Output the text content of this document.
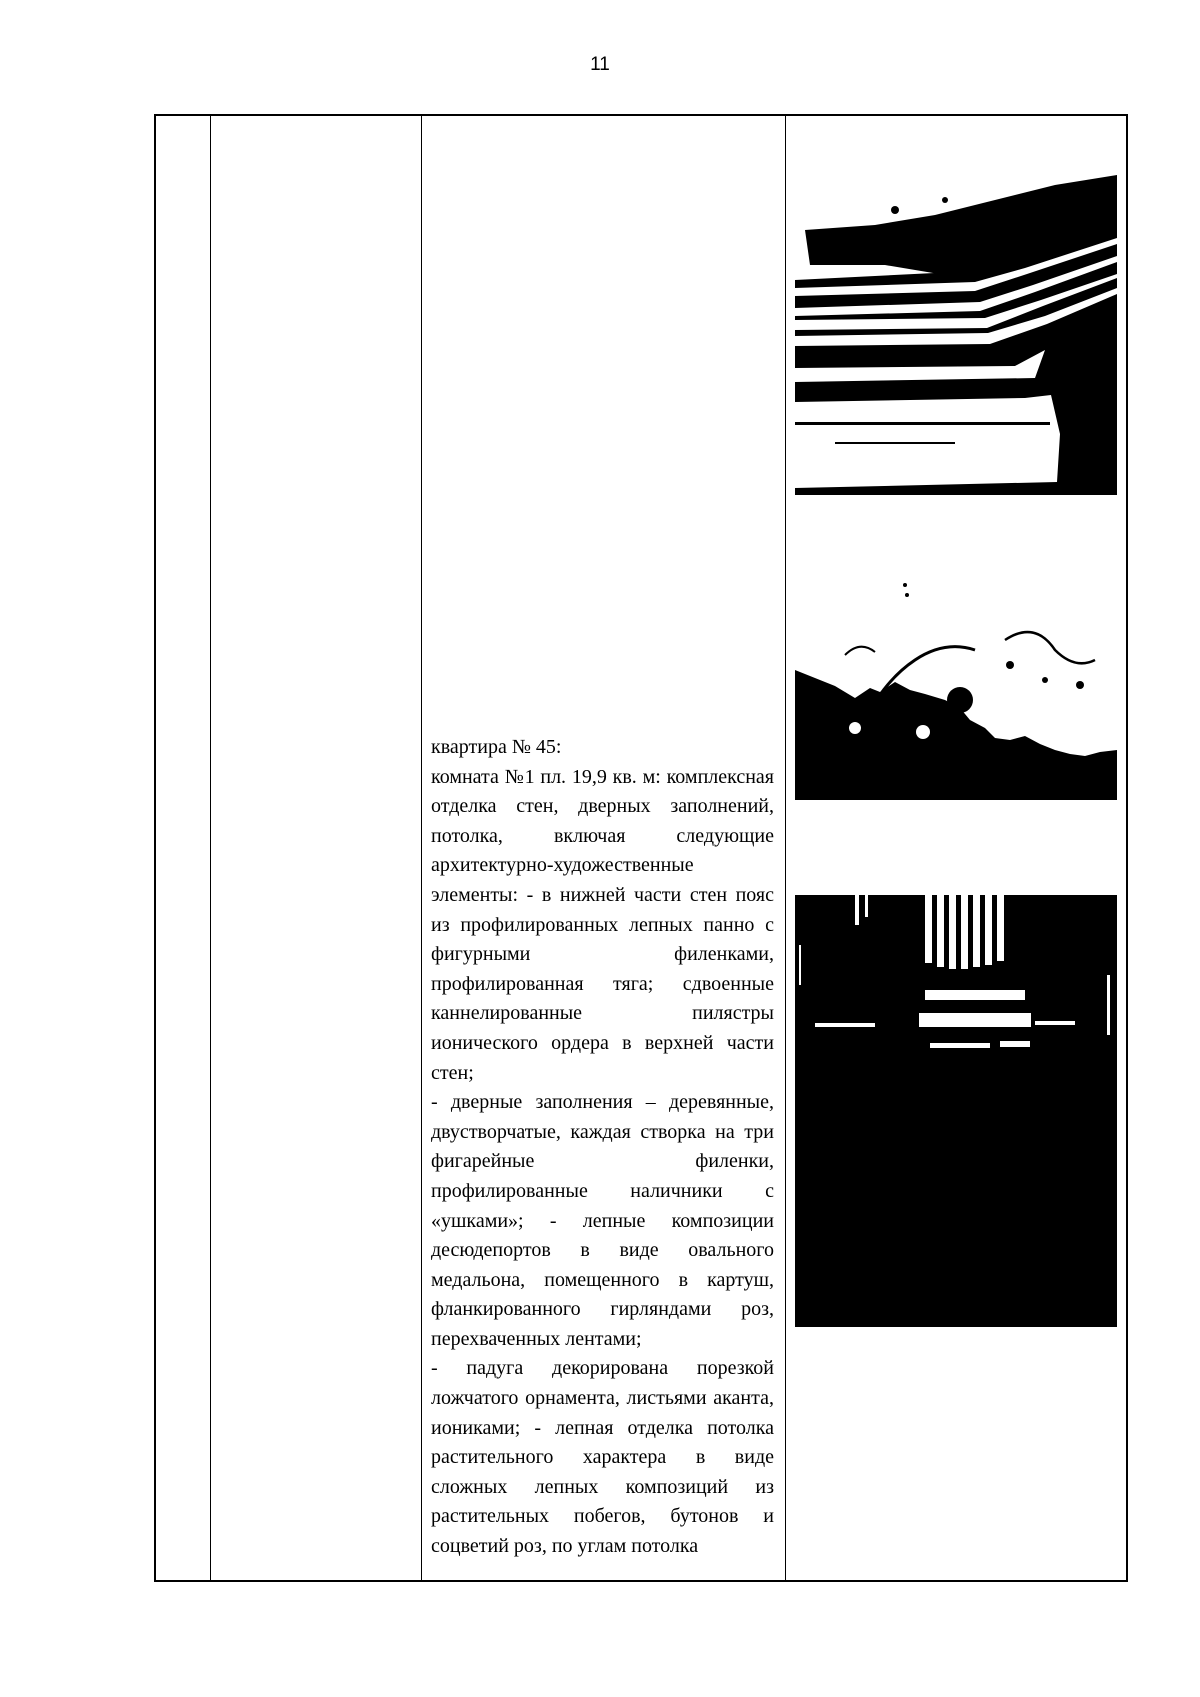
11

квартира № 45:

комната №1 пл. 19,9 кв. м: комплексная отделка стен, дверных заполнений, потолка, включая следующие архитектурно-художественные элементы: - в нижней части стен пояс из профилированных лепных панно с фигурными филенками, профилированная тяга; сдвоенные каннелированные пилястры ионического ордера в верхней части стен;

- дверные заполнения – деревянные, двустворчатые, каждая створка на три фигарейные филенки, профилированные наличники с «ушками»; - лепные композиции десюдепортов в виде овального медальона, помещенного в картуш, фланкированного гирляндами роз, перехваченных лентами;

- падуга декорирована порезкой ложчатого орнамента, листьями аканта, иониками; - лепная отделка потолка растительного характера в виде сложных лепных композиций из растительных побегов, бутонов и соцветий роз, по углам потолка
